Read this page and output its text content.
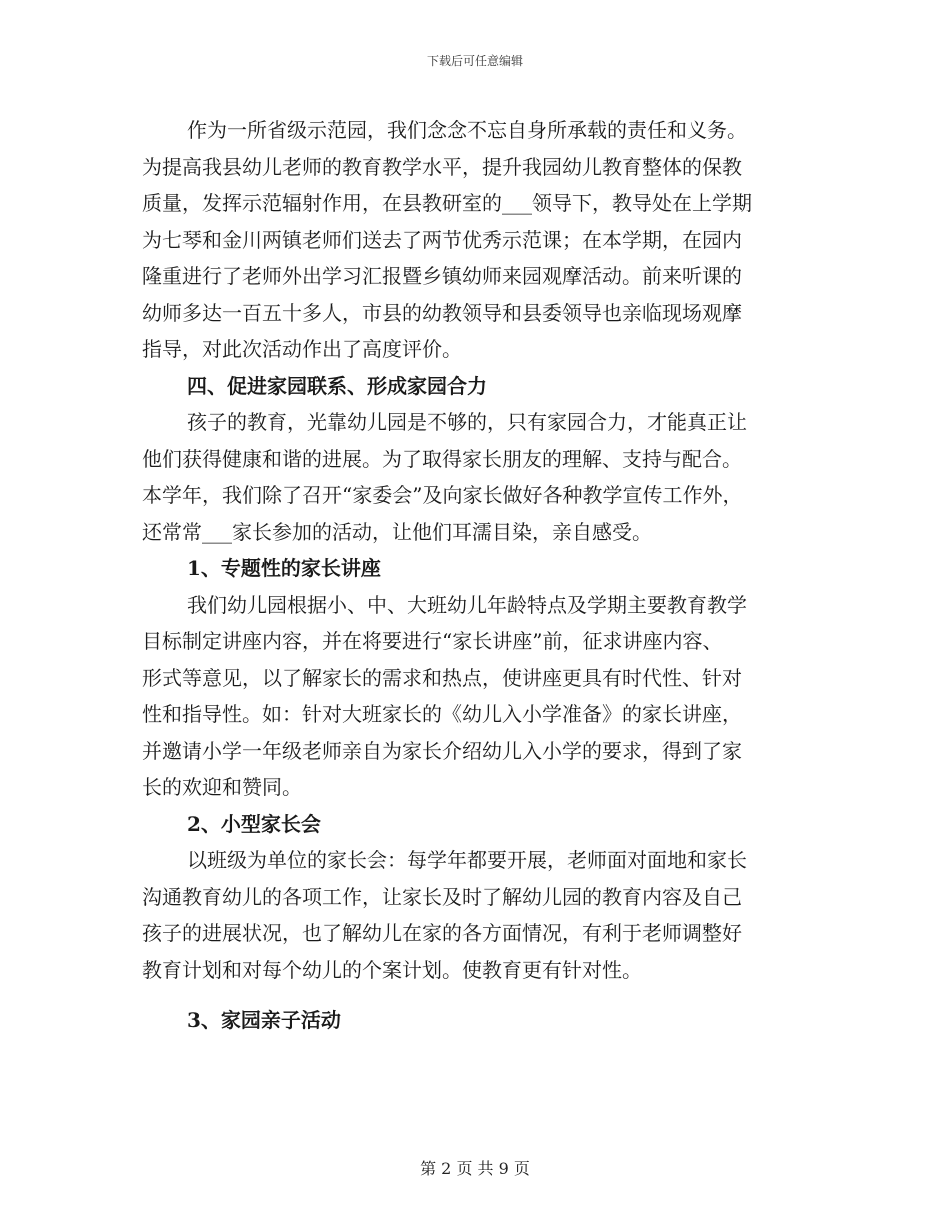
下载后可任意编辑
作为一所省级示范园，我们念念不忘自身所承载的责任和义务。
为提高我县幼儿老师的教育教学水平，提升我园幼儿教育整体的保教
质量，发挥示范辐射作用，在县教研室的___领导下，教导处在上学期
为七琴和金川两镇老师们送去了两节优秀示范课；在本学期，在园内
隆重进行了老师外出学习汇报暨乡镇幼师来园观摩活动。前来听课的
幼师多达一百五十多人，市县的幼教领导和县委领导也亲临现场观摩
指导，对此次活动作出了高度评价。
四、促进家园联系、形成家园合力
孩子的教育，光靠幼儿园是不够的，只有家园合力，才能真正让
他们获得健康和谐的进展。为了取得家长朋友的理解、支持与配合。
本学年，我们除了召开“家委会”及向家长做好各种教学宣传工作外，
还常常___家长参加的活动，让他们耳濡目染，亲自感受。
1、专题性的家长讲座
我们幼儿园根据小、中、大班幼儿年龄特点及学期主要教育教学
目标制定讲座内容，并在将要进行“家长讲座”前，征求讲座内容、
形式等意见，以了解家长的需求和热点，使讲座更具有时代性、针对
性和指导性。如：针对大班家长的《幼儿入小学准备》的家长讲座，
并邀请小学一年级老师亲自为家长介绍幼儿入小学的要求，得到了家
长的欢迎和赞同。
2、小型家长会
以班级为单位的家长会：每学年都要开展，老师面对面地和家长
沟通教育幼儿的各项工作，让家长及时了解幼儿园的教育内容及自己
孩子的进展状况，也了解幼儿在家的各方面情况，有利于老师调整好
教育计划和对每个幼儿的个案计划。使教育更有针对性。
3、家园亲子活动
第 2 页 共 9 页
